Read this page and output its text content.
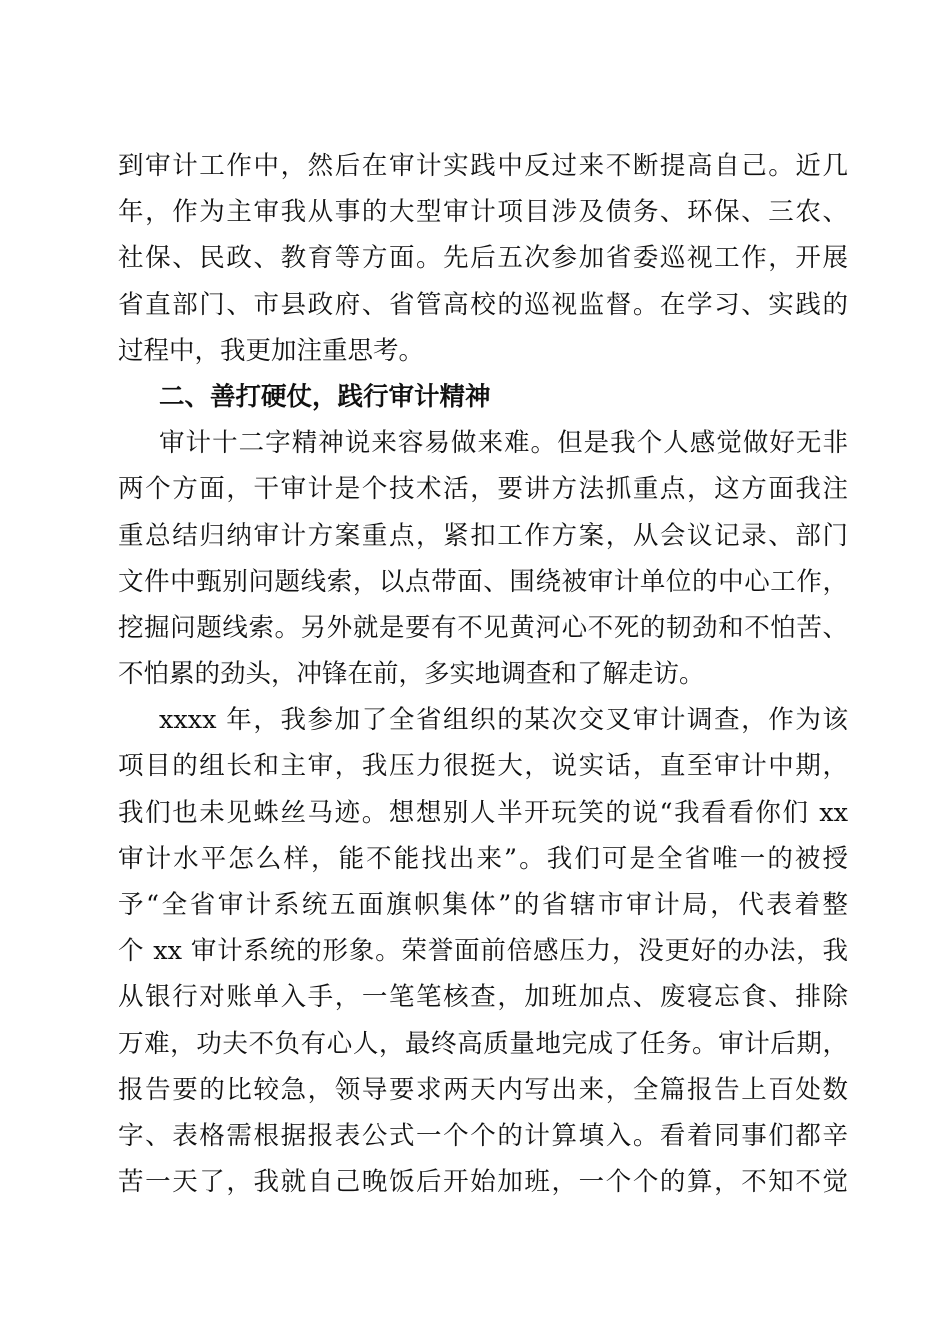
到审计工作中，然后在审计实践中反过来不断提高自己。近几
年，作为主审我从事的大型审计项目涉及债务、环保、三农、
社保、民政、教育等方面。先后五次参加省委巡视工作，开展
省直部门、市县政府、省管高校的巡视监督。在学习、实践的
过程中，我更加注重思考。
二、善打硬仗，践行审计精神
审计十二字精神说来容易做来难。但是我个人感觉做好无非
两个方面，干审计是个技术活，要讲方法抓重点，这方面我注
重总结归纳审计方案重点，紧扣工作方案，从会议记录、部门
文件中甄别问题线索，以点带面、围绕被审计单位的中心工作，
挖掘问题线索。另外就是要有不见黄河心不死的韧劲和不怕苦、
不怕累的劲头，冲锋在前，多实地调查和了解走访。
xxxx 年，我参加了全省组织的某次交叉审计调查，作为该
项目的组长和主审，我压力很挺大，说实话，直至审计中期，
我们也未见蛛丝马迹。想想别人半开玩笑的说“我看看你们 xx
审计水平怎么样，能不能找出来”。我们可是全省唯一的被授
予“全省审计系统五面旗帜集体”的省辖市审计局，代表着整
个 xx 审计系统的形象。荣誉面前倍感压力，没更好的办法，我
从银行对账单入手，一笔笔核查，加班加点、废寝忘食、排除
万难，功夫不负有心人，最终高质量地完成了任务。审计后期，
报告要的比较急，领导要求两天内写出来，全篇报告上百处数
字、表格需根据报表公式一个个的计算填入。看着同事们都辛
苦一天了，我就自己晚饭后开始加班，一个个的算，不知不觉
